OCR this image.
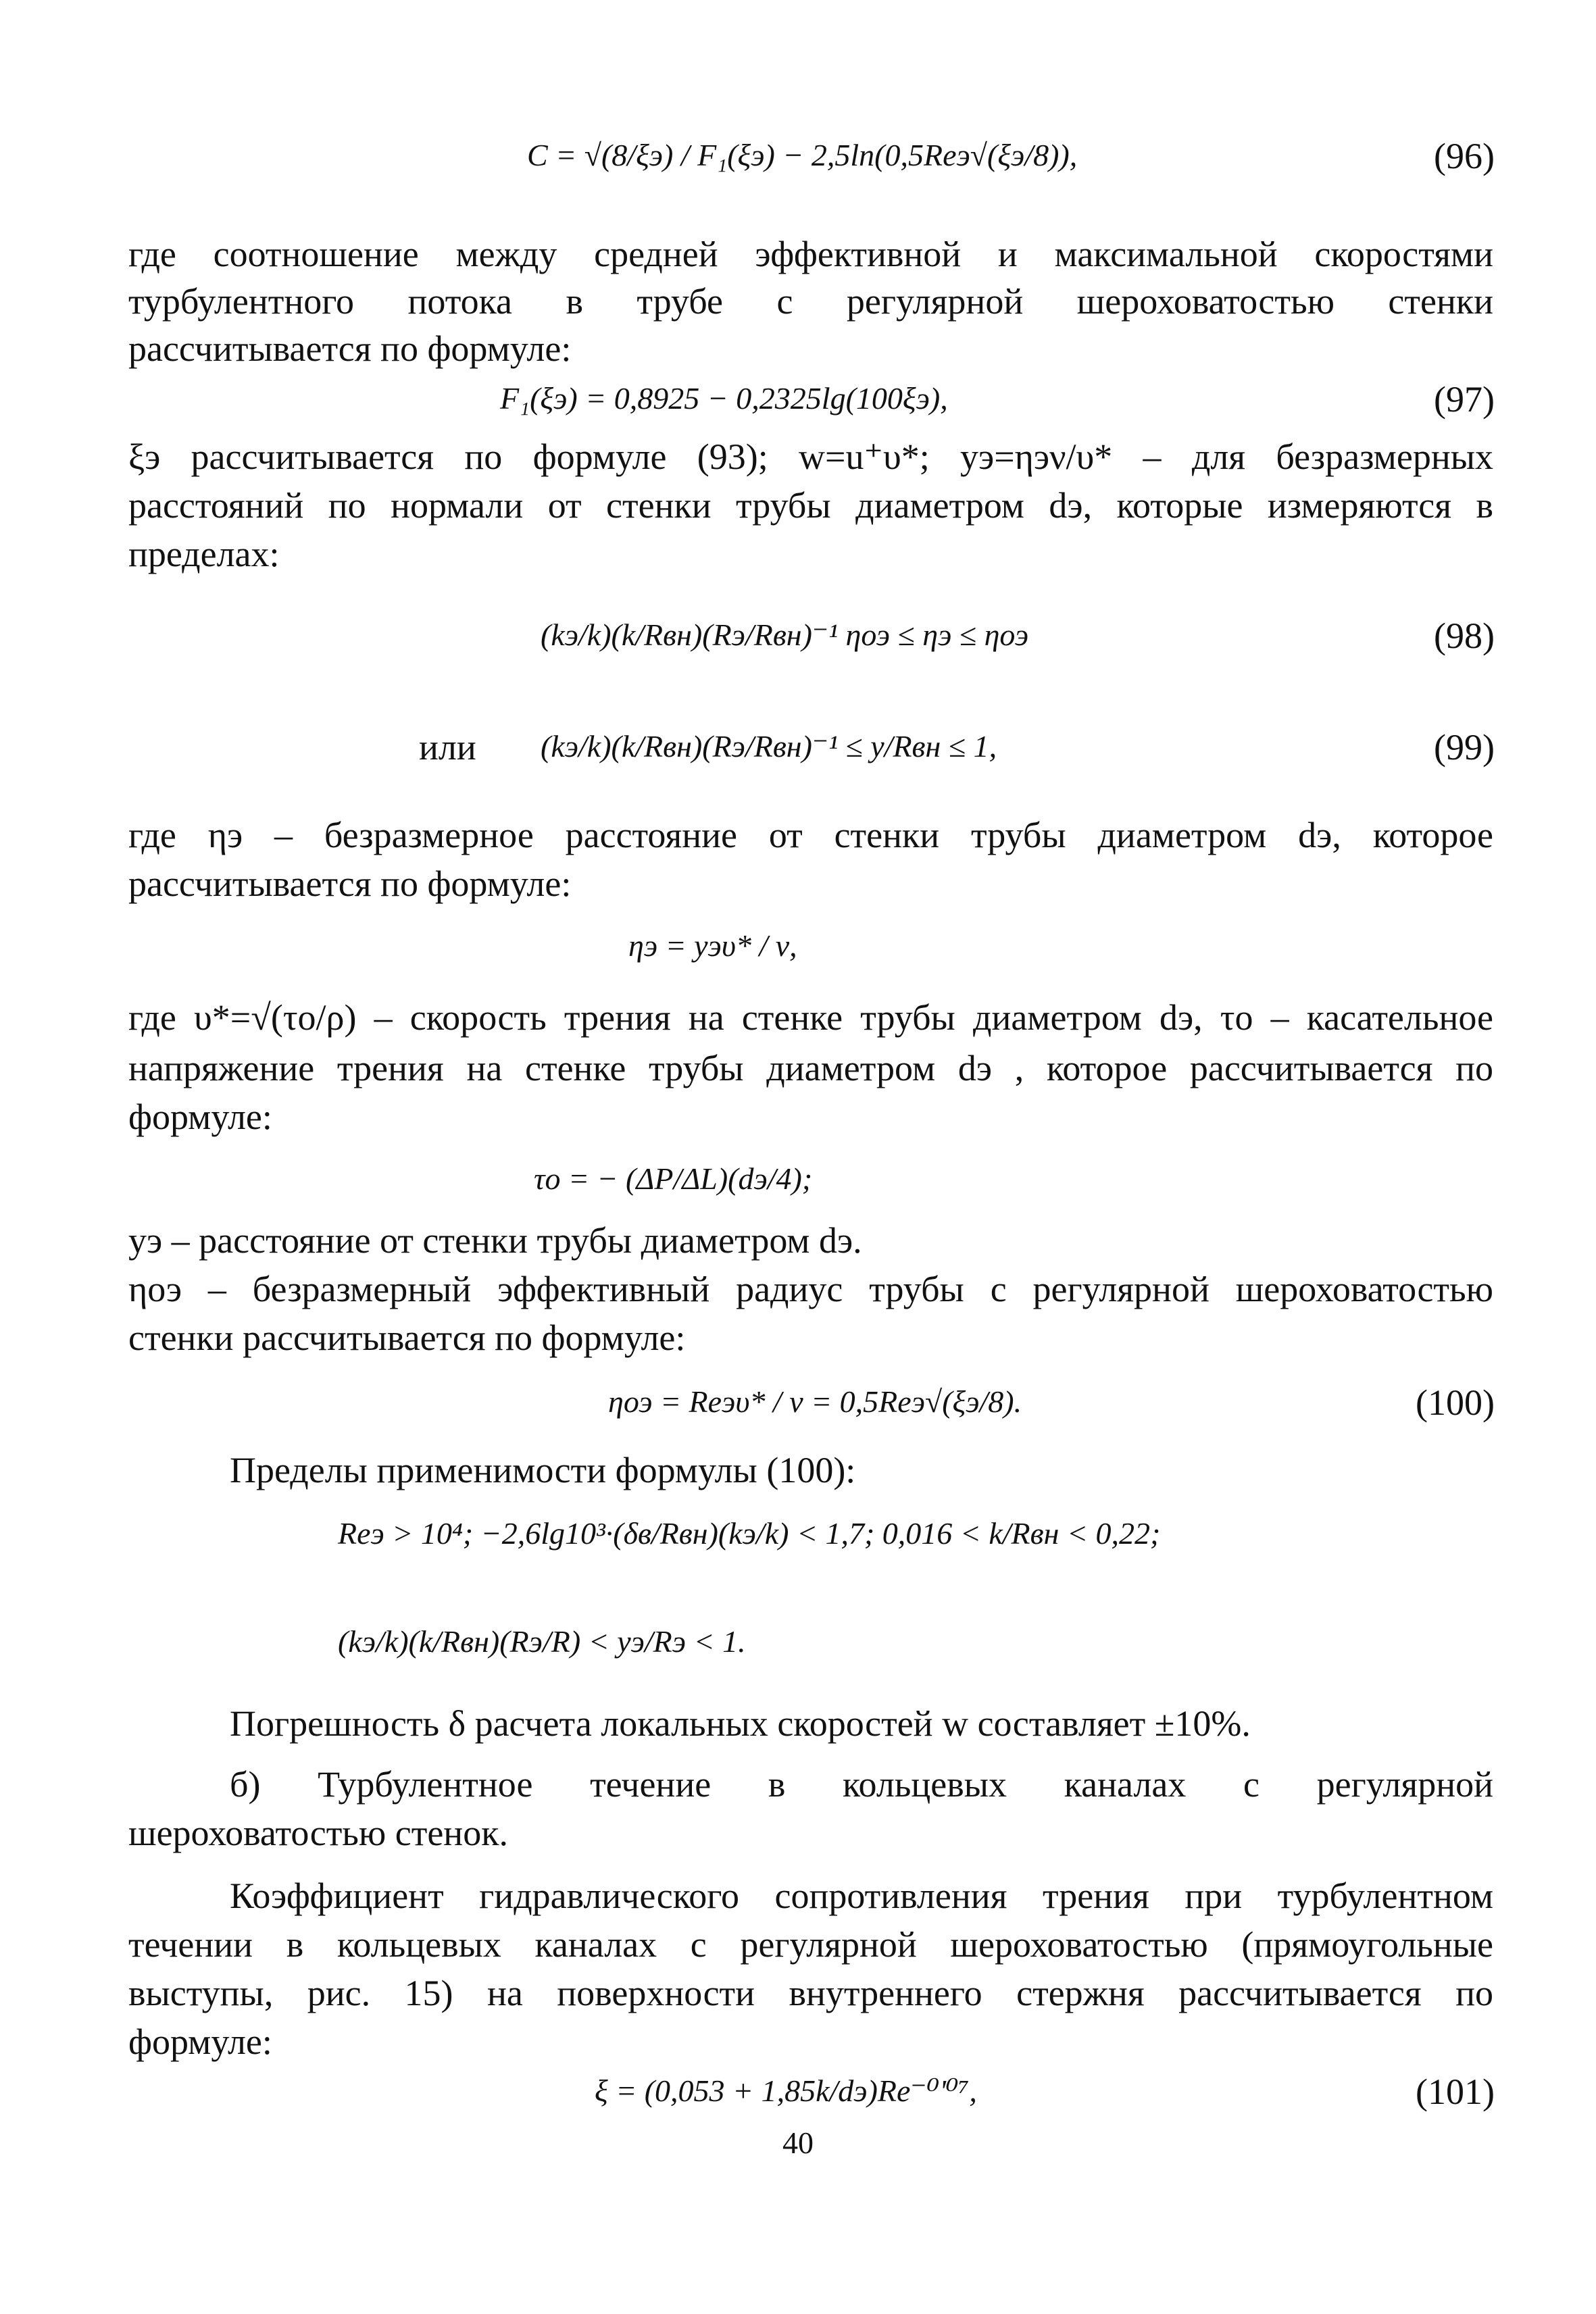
C = √(8/ξэ) / F₁(ξэ) − 2,5ln(0,5Reэ√(ξэ/8)),	(96)
где соотношение между средней эффективной и максимальной скоростями
турбулентного потока в трубе с регулярной шероховатостью стенки
рассчитывается по формуле:
F₁(ξэ) = 0,8925 − 0,2325lg(100ξэ),	(97)
ξэ рассчитывается по формуле (93); w=u⁺υ*; yэ=ηэν/υ* – для безразмерных
расстояний по нормали от стенки трубы диаметром dэ, которые измеряются в
пределах:
(kэ/k)(k/Rвн)(Rэ/Rвн)⁻¹ ηоэ ≤ ηэ ≤ ηоэ	(98)
или	(kэ/k)(k/Rвн)(Rэ/Rвн)⁻¹ ≤ y/Rвн ≤ 1,	(99)
где ηэ – безразмерное расстояние от стенки трубы диаметром dэ, которое
рассчитывается по формуле:
ηэ = yэυ* / ν,
где υ*=√(τо/ρ) – скорость трения на стенке трубы диаметром dэ, τо – касательное
напряжение трения на стенке трубы диаметром dэ , которое рассчитывается по
формуле:
τо = − (ΔP/ΔL)(dэ/4);
yэ – расстояние от стенки трубы диаметром dэ.
ηоэ – безразмерный эффективный радиус трубы с регулярной шероховатостью
стенки рассчитывается по формуле:
ηоэ = Reэυ* / ν = 0,5Reэ√(ξэ/8).	(100)
Пределы применимости формулы (100):
Reэ > 10⁴; −2,6lg10³·(δв/Rвн)(kэ/k) < 1,7; 0,016 < k/Rвн < 0,22;
(kэ/k)(k/Rвн)(Rэ/R) < yэ/Rэ < 1.
Погрешность δ расчета локальных скоростей w составляет ±10%.
б) Турбулентное течение в кольцевых каналах с регулярной
шероховатостью стенок.
Коэффициент гидравлического сопротивления трения при турбулентном
течении в кольцевых каналах с регулярной шероховатостью (прямоугольные
выступы, рис. 15) на поверхности внутреннего стержня рассчитывается по
формуле:
ξ = (0,053 + 1,85k/dэ)Re⁻⁰'⁰⁷,	(101)
40
